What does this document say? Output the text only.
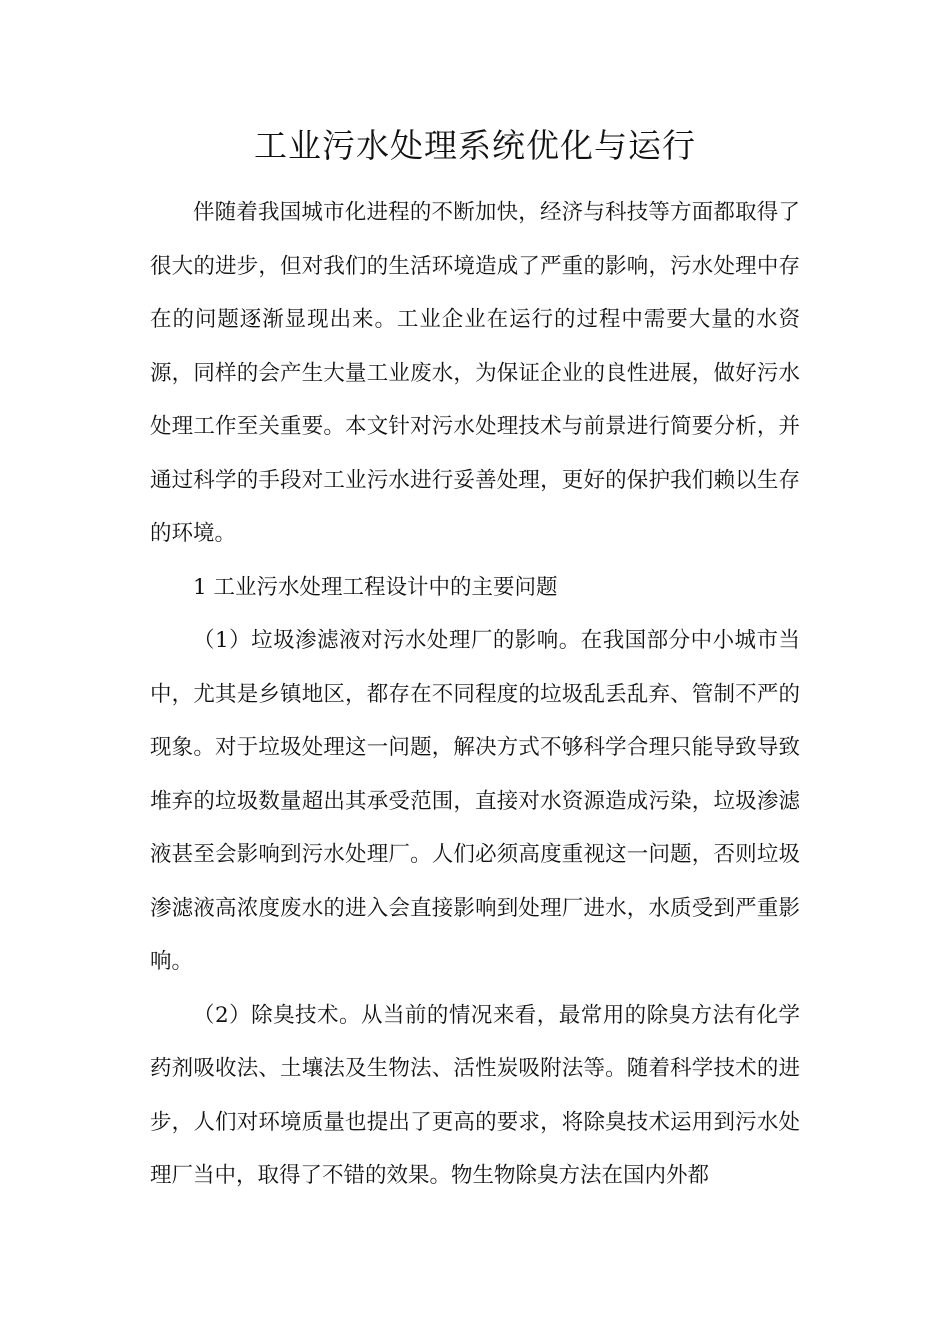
工业污水处理系统优化与运行

伴随着我国城市化进程的不断加快，经济与科技等方面都取得了很大的进步，但对我们的生活环境造成了严重的影响，污水处理中存在的问题逐渐显现出来。工业企业在运行的过程中需要大量的水资源，同样的会产生大量工业废水，为保证企业的良性进展，做好污水处理工作至关重要。本文针对污水处理技术与前景进行简要分析，并通过科学的手段对工业污水进行妥善处理，更好的保护我们赖以生存的环境。

1 工业污水处理工程设计中的主要问题

（1）垃圾渗滤液对污水处理厂的影响。在我国部分中小城市当中，尤其是乡镇地区，都存在不同程度的垃圾乱丢乱弃、管制不严的现象。对于垃圾处理这一问题，解决方式不够科学合理只能导致导致堆弃的垃圾数量超出其承受范围，直接对水资源造成污染，垃圾渗滤液甚至会影响到污水处理厂。人们必须高度重视这一问题，否则垃圾渗滤液高浓度废水的进入会直接影响到处理厂进水，水质受到严重影响。

（2）除臭技术。从当前的情况来看，最常用的除臭方法有化学药剂吸收法、土壤法及生物法、活性炭吸附法等。随着科学技术的进步，人们对环境质量也提出了更高的要求，将除臭技术运用到污水处理厂当中，取得了不错的效果。物生物除臭方法在国内外都
